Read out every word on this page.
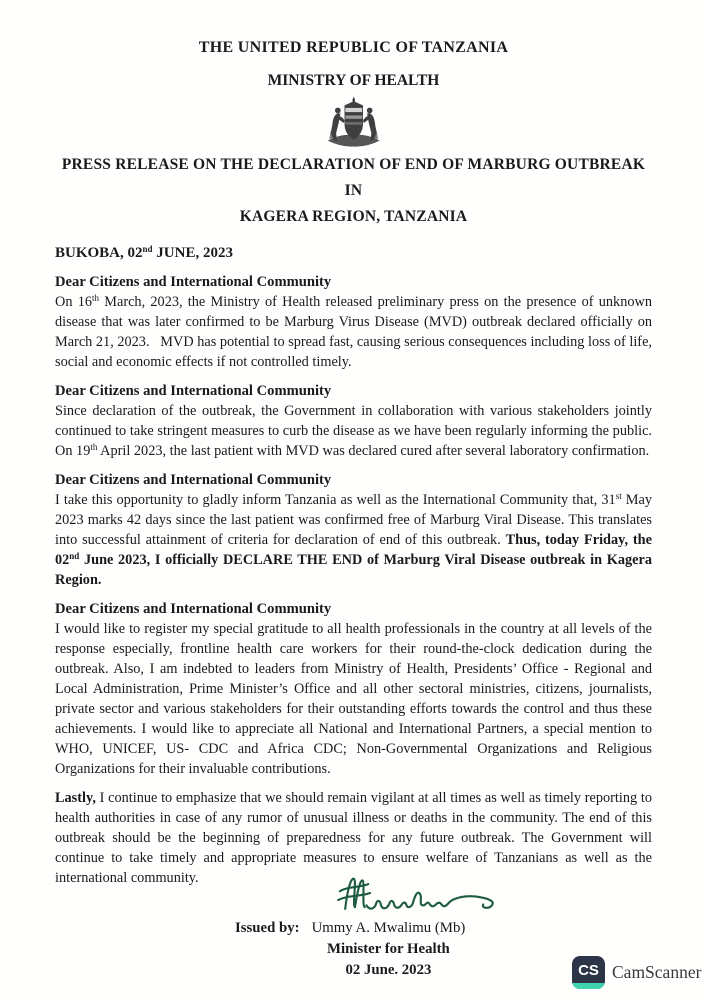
THE UNITED REPUBLIC OF TANZANIA
MINISTRY OF HEALTH
PRESS RELEASE ON THE DECLARATION OF END OF MARBURG OUTBREAK IN
KAGERA REGION, TANZANIA
BUKOBA, 02nd JUNE, 2023
Dear Citizens and International Community
On 16th March, 2023, the Ministry of Health released preliminary press on the presence of unknown disease that was later confirmed to be Marburg Virus Disease (MVD) outbreak declared officially on March 21, 2023.   MVD has potential to spread fast, causing serious consequences including loss of life, social and economic effects if not controlled timely.
Dear Citizens and International Community
Since declaration of the outbreak, the Government in collaboration with various stakeholders jointly continued to take stringent measures to curb the disease as we have been regularly informing the public. On 19th April 2023, the last patient with MVD was declared cured after several laboratory confirmation.
Dear Citizens and International Community
I take this opportunity to gladly inform Tanzania as well as the International Community that, 31st May 2023 marks 42 days since the last patient was confirmed free of Marburg Viral Disease. This translates into successful attainment of criteria for declaration of end of this outbreak. Thus, today Friday, the 02nd June 2023, I officially DECLARE THE END of Marburg Viral Disease outbreak in Kagera Region.
Dear Citizens and International Community
I would like to register my special gratitude to all health professionals in the country at all levels of the response especially, frontline health care workers for their round-the-clock dedication during the outbreak. Also, I am indebted to leaders from Ministry of Health, Presidents’ Office - Regional and Local Administration, Prime Minister’s Office and all other sectoral ministries, citizens, journalists, private sector and various stakeholders for their outstanding efforts towards the control and thus these achievements. I would like to appreciate all National and International Partners, a special mention to WHO, UNICEF, US- CDC and Africa CDC; Non-Governmental Organizations and Religious Organizations for their invaluable contributions.
Lastly, I continue to emphasize that we should remain vigilant at all times as well as timely reporting to health authorities in case of any rumor of unusual illness or deaths in the community. The end of this outbreak should be the beginning of preparedness for any future outbreak. The Government will continue to take timely and appropriate measures to ensure welfare of Tanzanians as well as the international community.
Issued by: Ummy A. Mwalimu (Mb)
Minister for Health
02 June. 2023	CS CamScanner
